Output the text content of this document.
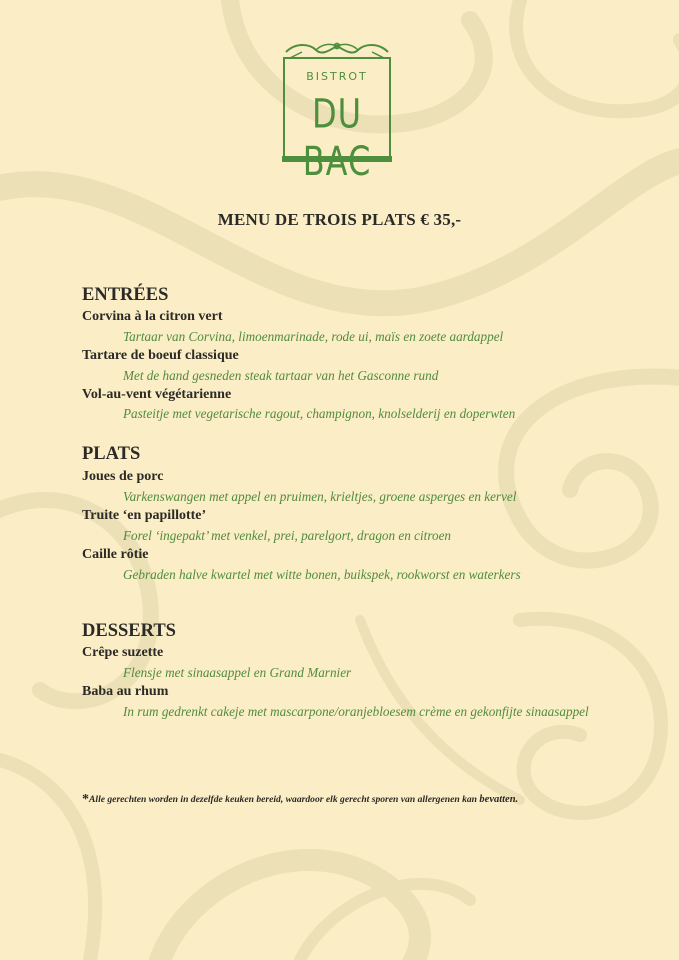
BISTROT
DU BAC
MENU DE TROIS PLATS € 35,-
ENTRÉES
Corvina à la citron vert
Tartaar van Corvina, limoenmarinade, rode ui, maïs en zoete aardappel
Tartare de boeuf classique
Met de hand gesneden steak tartaar van het Gasconne rund
Vol-au-vent végétarienne
Pasteitje met vegetarische ragout, champignon, knolselderij en doperwten
PLATS
Joues de porc
Varkenswangen met appel en pruimen, krieltjes, groene asperges en kervel
Truite ‘en papillotte’
Forel ‘ingepakt’ met venkel, prei, parelgort, dragon en citroen
Caille rôtie
Gebraden halve kwartel met witte bonen, buikspek, rookworst en waterkers
DESSERTS
Crêpe suzette
Flensje met sinaasappel en Grand Marnier
Baba au rhum
In rum gedrenkt cakeje met mascarpone/oranjebloesem crème en gekonfijte sinaasappel
*Alle gerechten worden in dezelfde keuken bereid, waardoor elk gerecht sporen van allergenen kan bevatten.
